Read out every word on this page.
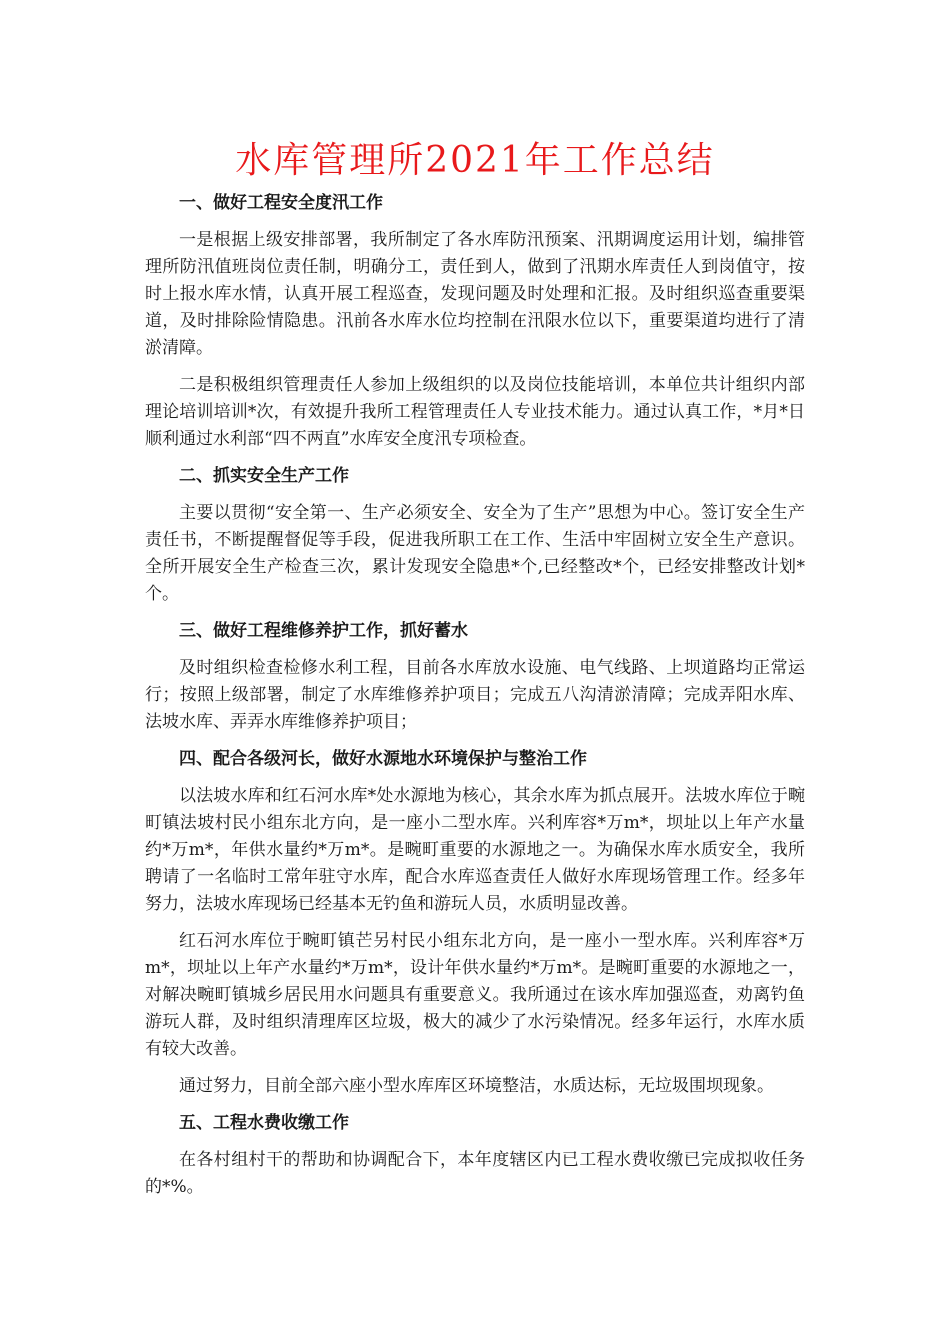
水库管理所2021年工作总结

一、做好工程安全度汛工作

一是根据上级安排部署，我所制定了各水库防汛预案、汛期调度运用计划，编排管理所防汛值班岗位责任制，明确分工，责任到人，做到了汛期水库责任人到岗值守，按时上报水库水情，认真开展工程巡查，发现问题及时处理和汇报。及时组织巡查重要渠道，及时排除险情隐患。汛前各水库水位均控制在汛限水位以下，重要渠道均进行了清淤清障。

二是积极组织管理责任人参加上级组织的以及岗位技能培训，本单位共计组织内部理论培训培训*次，有效提升我所工程管理责任人专业技术能力。通过认真工作，*月*日顺利通过水利部“四不两直”水库安全度汛专项检查。

二、抓实安全生产工作

主要以贯彻“安全第一、生产必须安全、安全为了生产”思想为中心。签订安全生产责任书，不断提醒督促等手段，促进我所职工在工作、生活中牢固树立安全生产意识。全所开展安全生产检查三次，累计发现安全隐患*个,已经整改*个，已经安排整改计划*个。

三、做好工程维修养护工作，抓好蓄水

及时组织检查检修水利工程，目前各水库放水设施、电气线路、上坝道路均正常运行；按照上级部署，制定了水库维修养护项目；完成五八沟清淤清障；完成弄阳水库、法坡水库、弄弄水库维修养护项目；

四、配合各级河长，做好水源地水环境保护与整治工作

以法坡水库和红石河水库*处水源地为核心，其余水库为抓点展开。法坡水库位于畹町镇法坡村民小组东北方向，是一座小二型水库。兴利库容*万m*，坝址以上年产水量约*万m*，年供水量约*万m*。是畹町重要的水源地之一。为确保水库水质安全，我所聘请了一名临时工常年驻守水库，配合水库巡查责任人做好水库现场管理工作。经多年努力，法坡水库现场已经基本无钓鱼和游玩人员，水质明显改善。

红石河水库位于畹町镇芒另村民小组东北方向，是一座小一型水库。兴利库容*万m*，坝址以上年产水量约*万m*，设计年供水量约*万m*。是畹町重要的水源地之一，对解决畹町镇城乡居民用水问题具有重要意义。我所通过在该水库加强巡查，劝离钓鱼游玩人群，及时组织清理库区垃圾，极大的减少了水污染情况。经多年运行，水库水质有较大改善。

通过努力，目前全部六座小型水库库区环境整洁，水质达标，无垃圾围坝现象。

五、工程水费收缴工作

在各村组村干的帮助和协调配合下，本年度辖区内已工程水费收缴已完成拟收任务的*%。
